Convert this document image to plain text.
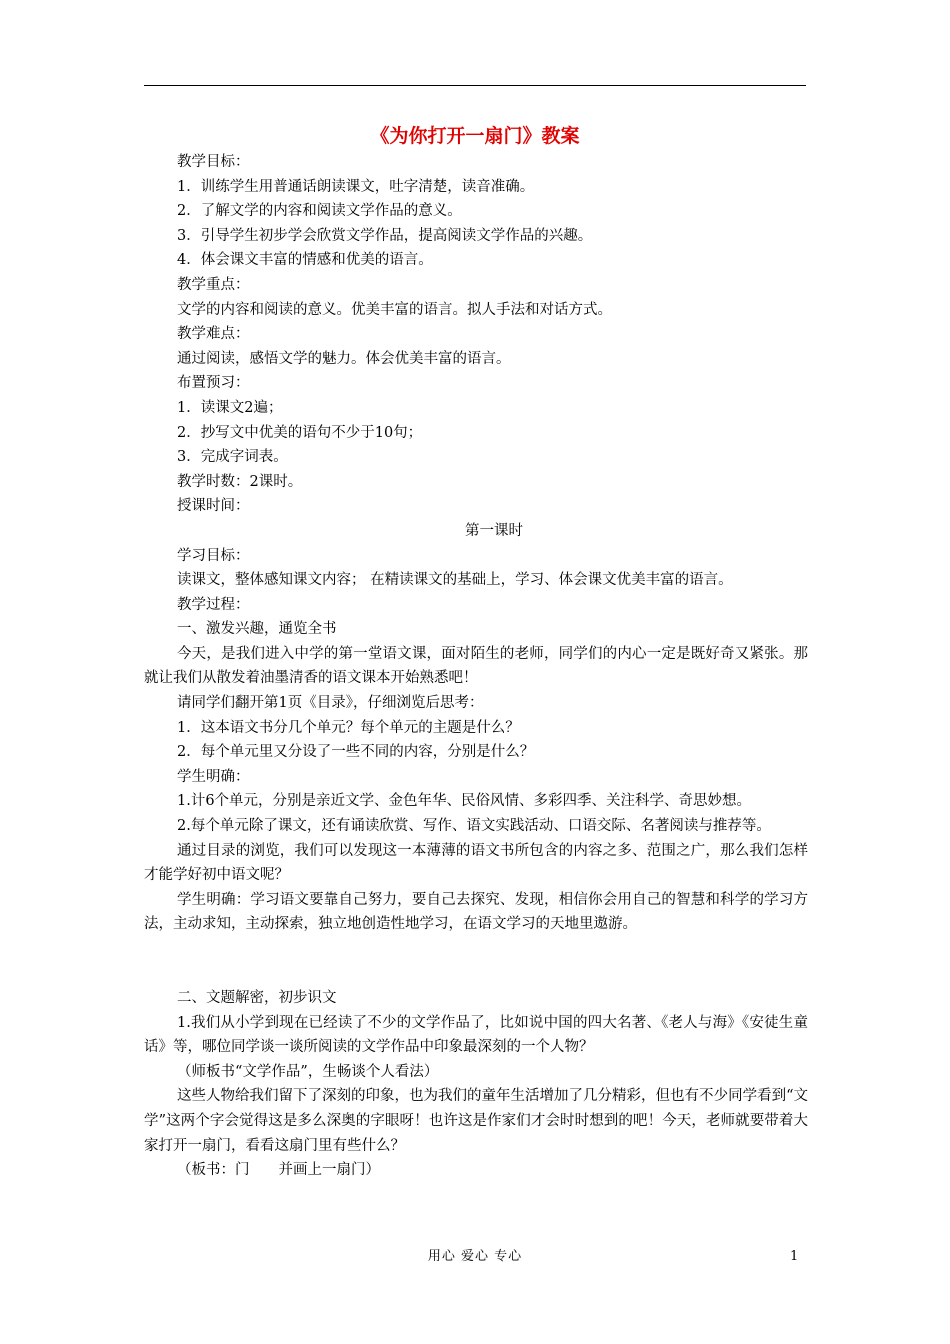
《为你打开一扇门》教案
教学目标：
1．训练学生用普通话朗读课文，吐字清楚，读音准确。
2．了解文学的内容和阅读文学作品的意义。
3．引导学生初步学会欣赏文学作品，提高阅读文学作品的兴趣。
4．体会课文丰富的情感和优美的语言。
教学重点：
文学的内容和阅读的意义。优美丰富的语言。拟人手法和对话方式。
教学难点：
通过阅读，感悟文学的魅力。体会优美丰富的语言。
布置预习：
1．读课文2遍；
2．抄写文中优美的语句不少于10句；
3．完成字词表。
教学时数：2课时。
授课时间：
第一课时
学习目标：
读课文，整体感知课文内容； 在精读课文的基础上，学习、体会课文优美丰富的语言。
教学过程：
一、激发兴趣，通览全书
今天，是我们进入中学的第一堂语文课，面对陌生的老师，同学们的内心一定是既好奇又紧张。那就让我们从散发着油墨清香的语文课本开始熟悉吧！
请同学们翻开第1页《目录》，仔细浏览后思考：
1．这本语文书分几个单元？每个单元的主题是什么？
2．每个单元里又分设了一些不同的内容，分别是什么？
学生明确：
1.计6个单元，分别是亲近文学、金色年华、民俗风情、多彩四季、关注科学、奇思妙想。
2.每个单元除了课文，还有诵读欣赏、写作、语文实践活动、口语交际、名著阅读与推荐等。
通过目录的浏览，我们可以发现这一本薄薄的语文书所包含的内容之多、范围之广，那么我们怎样才能学好初中语文呢？
学生明确：学习语文要靠自己努力，要自己去探究、发现，相信你会用自己的智慧和科学的学习方法，主动求知，主动探索，独立地创造性地学习，在语文学习的天地里遨游。
二、文题解密，初步识文
1.我们从小学到现在已经读了不少的文学作品了，比如说中国的四大名著、《老人与海》《安徒生童话》等，哪位同学谈一谈所阅读的文学作品中印象最深刻的一个人物？
（师板书“文学作品”，生畅谈个人看法）
这些人物给我们留下了深刻的印象，也为我们的童年生活增加了几分精彩，但也有不少同学看到“文学”这两个字会觉得这是多么深奥的字眼呀！也许这是作家们才会时时想到的吧！今天，老师就要带着大家打开一扇门，看看这扇门里有些什么？
（板书：门　　并画上一扇门）
用心 爱心 专心	1
